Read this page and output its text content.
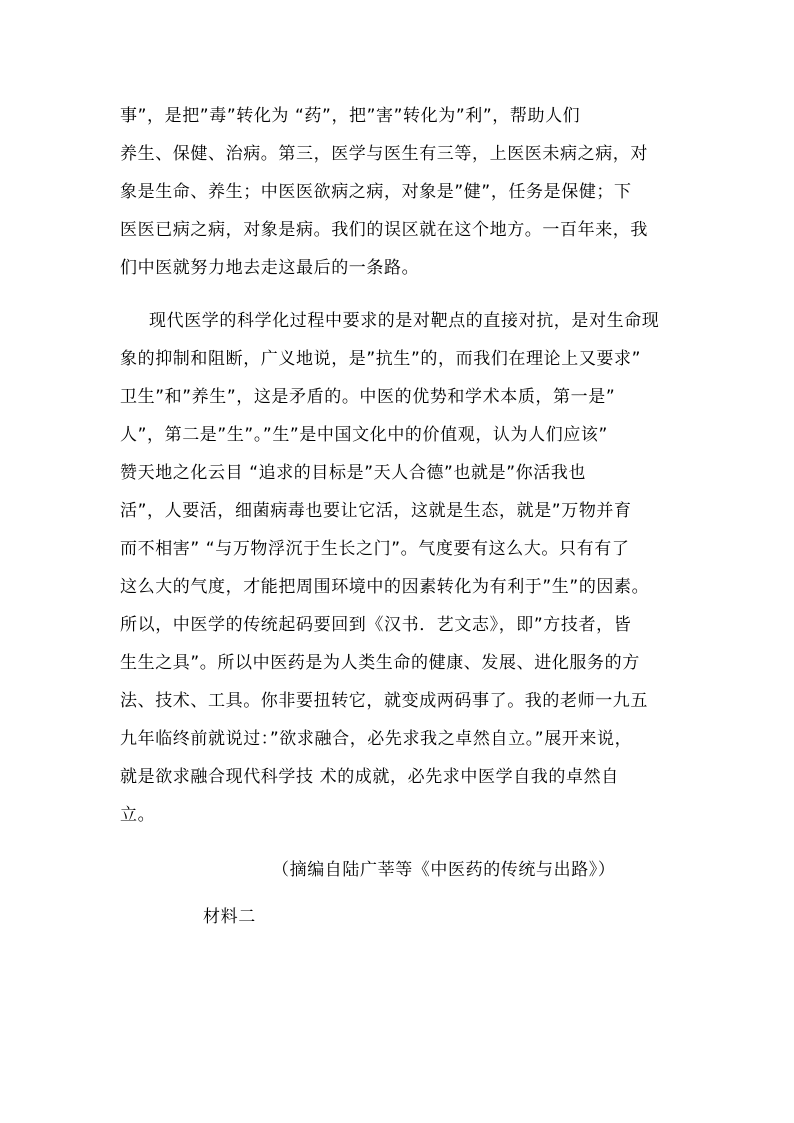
事”，是把”毒”转化为 “药”，把”害”转化为”利”，帮助人们
养生、保健、治病。第三，医学与医生有三等，上医医未病之病，对
象是生命、养生；中医医欲病之病，对象是”健”，任务是保健；下
医医已病之病，对象是病。我们的误区就在这个地方。一百年来，我
们中医就努力地去走这最后的一条路。
现代医学的科学化过程中要求的是对靶点的直接对抗，是对生命现
象的抑制和阻断，广义地说，是”抗生”的，而我们在理论上又要求”
卫生”和”养生”，这是矛盾的。中医的优势和学术本质，第一是”
人”，第二是”生”。”生”是中国文化中的价值观，认为人们应该”
赞天地之化云目 “追求的目标是”天人合德”也就是”你活我也
活”，人要活，细菌病毒也要让它活，这就是生态，就是”万物并育
而不相害” “与万物浮沉于生长之门”。气度要有这么大。只有有了
这么大的气度，才能把周围环境中的因素转化为有利于”生”的因素。
所以，中医学的传统起码要回到《汉书．艺文志》，即”方技者，皆
生生之具”。所以中医药是为人类生命的健康、发展、进化服务的方
法、技术、工具。你非要扭转它，就变成两码事了。我的老师一九五
九年临终前就说过：”欲求融合，必先求我之卓然自立。”展开来说，
就是欲求融合现代科学技 术的成就，必先求中医学自我的卓然自
立。
（摘编自陆广莘等《中医药的传统与出路》）
材料二
